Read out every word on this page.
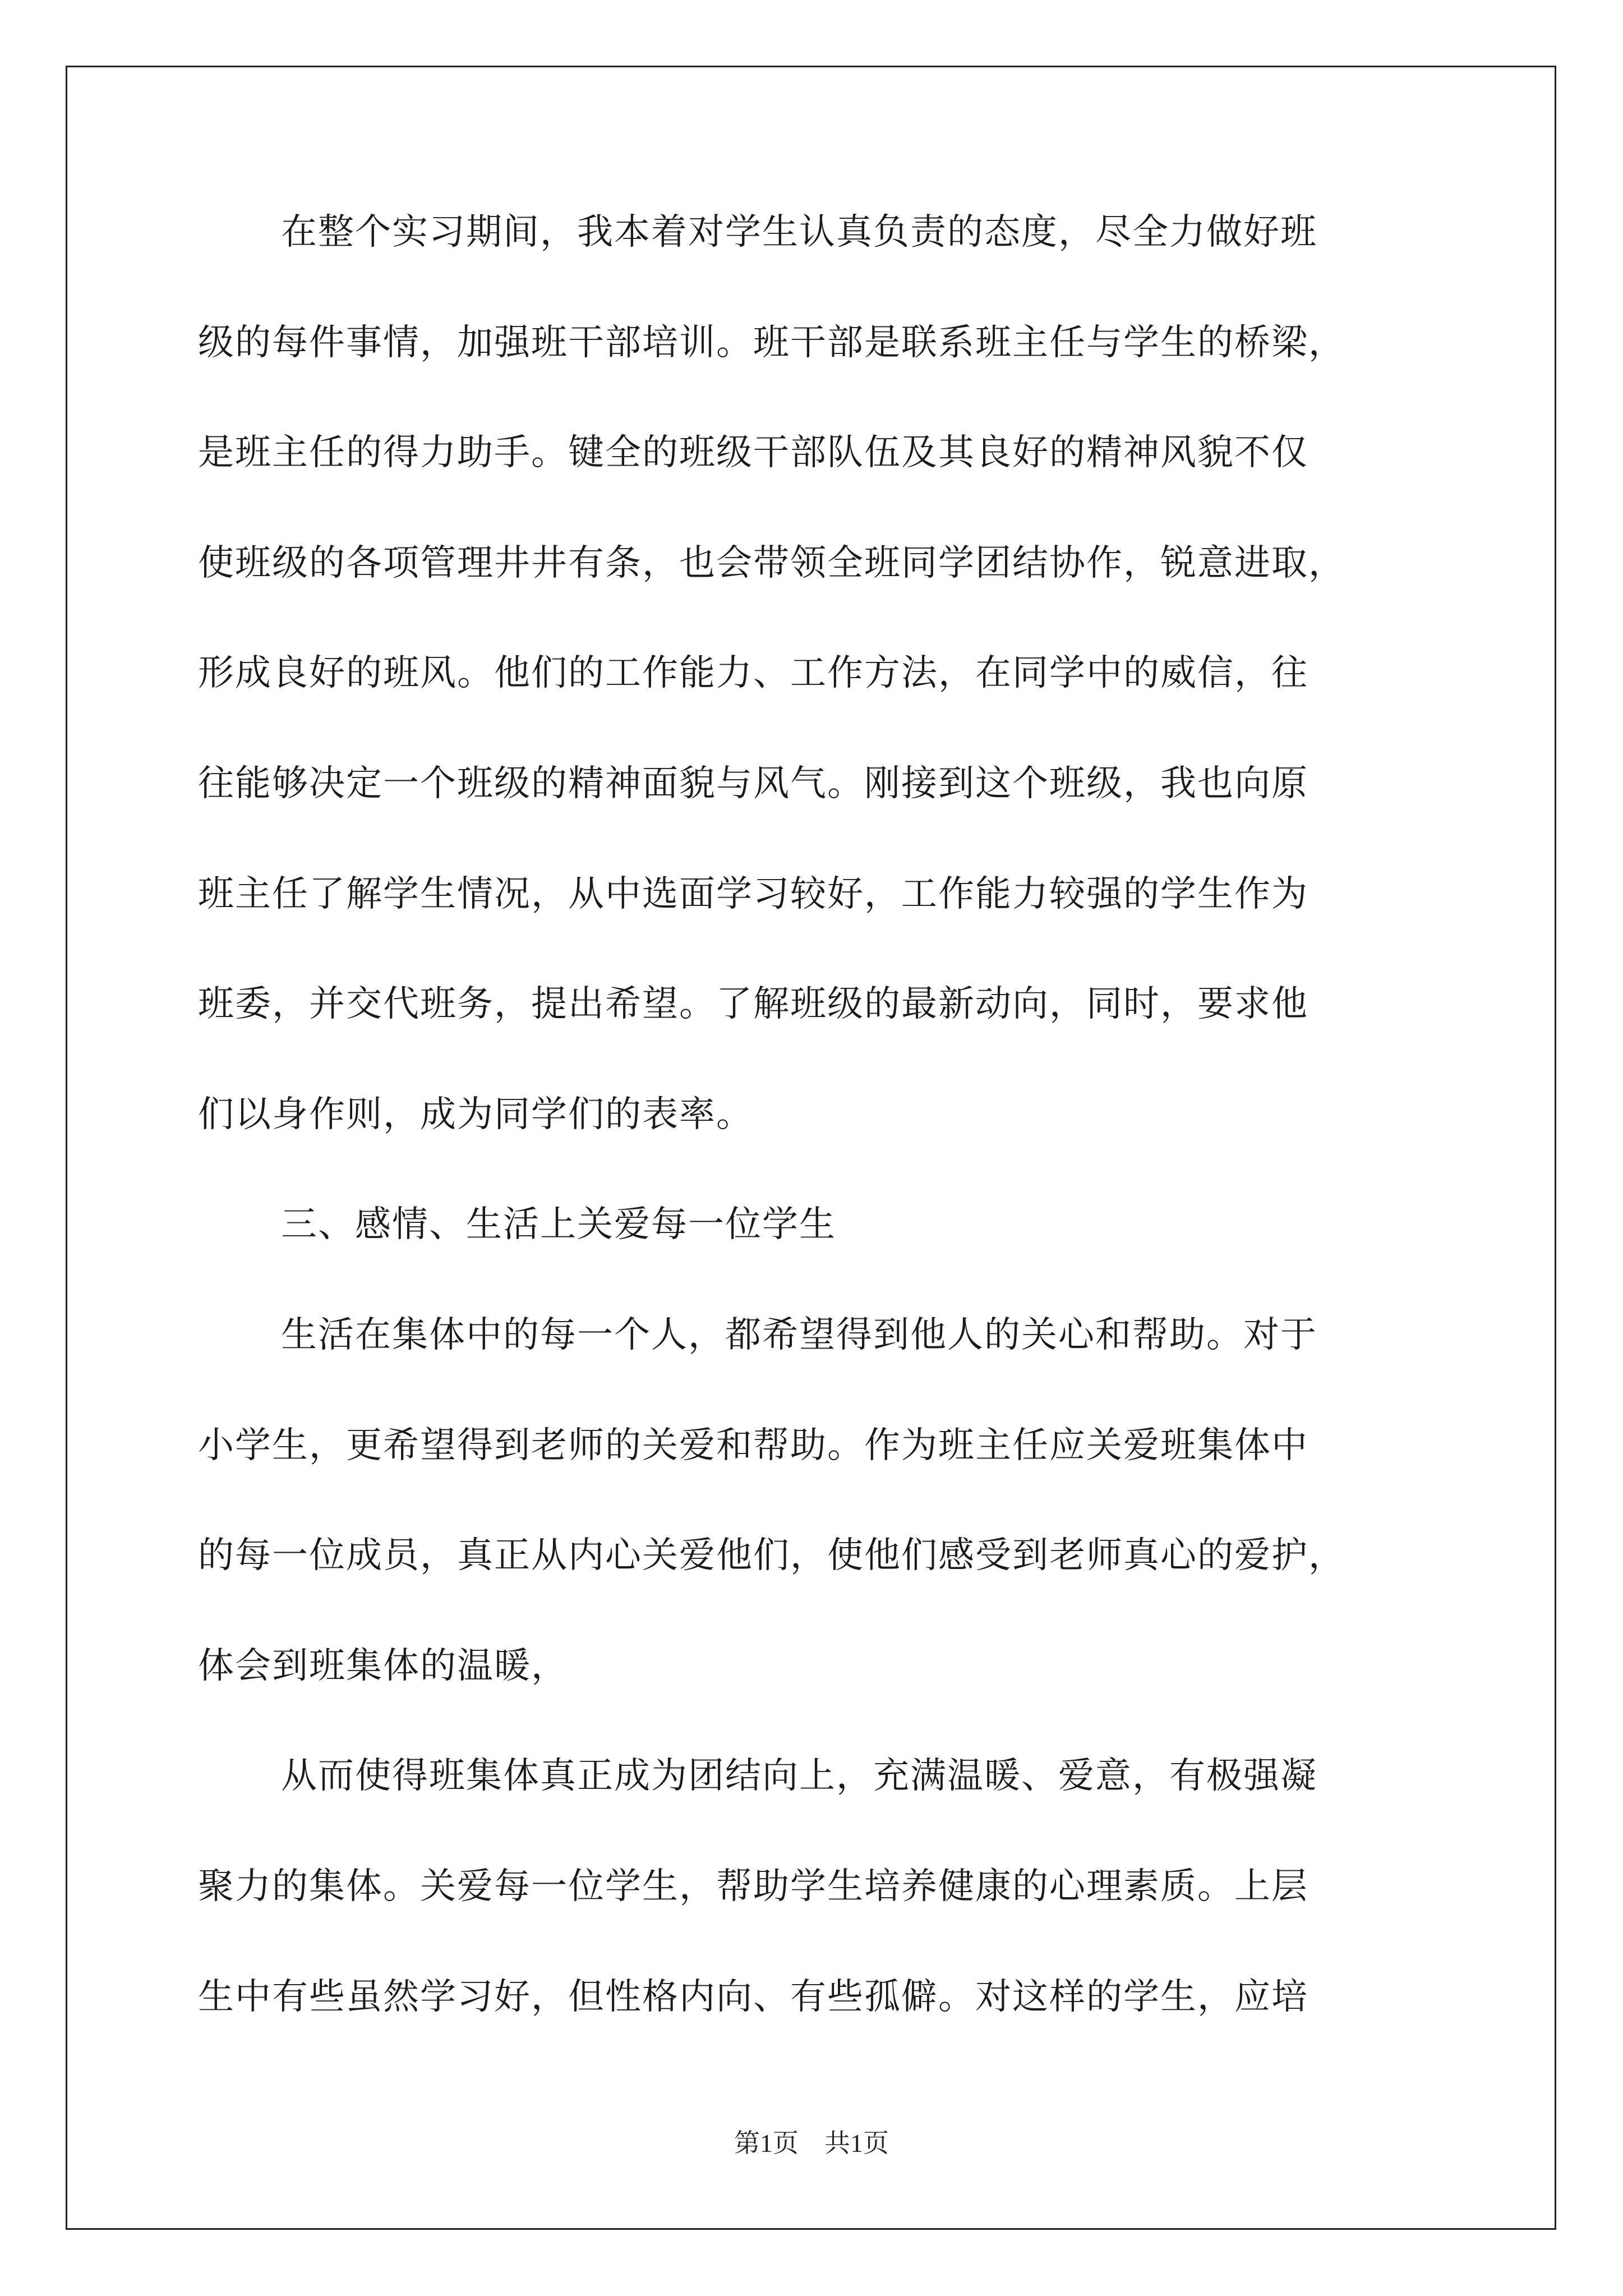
在整个实习期间，我本着对学生认真负责的态度，尽全力做好班
级的每件事情，加强班干部培训。班干部是联系班主任与学生的桥梁，
是班主任的得力助手。键全的班级干部队伍及其良好的精神风貌不仅
使班级的各项管理井井有条，也会带领全班同学团结协作，锐意进取，
形成良好的班风。他们的工作能力、工作方法，在同学中的威信，往
往能够决定一个班级的精神面貌与风气。刚接到这个班级，我也向原
班主任了解学生情况，从中选面学习较好，工作能力较强的学生作为
班委，并交代班务，提出希望。了解班级的最新动向，同时，要求他
们以身作则，成为同学们的表率。
三、感情、生活上关爱每一位学生
生活在集体中的每一个人，都希望得到他人的关心和帮助。对于
小学生，更希望得到老师的关爱和帮助。作为班主任应关爱班集体中
的每一位成员，真正从内心关爱他们，使他们感受到老师真心的爱护，
体会到班集体的温暖，
从而使得班集体真正成为团结向上，充满温暖、爱意，有极强凝
聚力的集体。关爱每一位学生，帮助学生培养健康的心理素质。上层
生中有些虽然学习好，但性格内向、有些孤僻。对这样的学生，应培
第1页 共1页
